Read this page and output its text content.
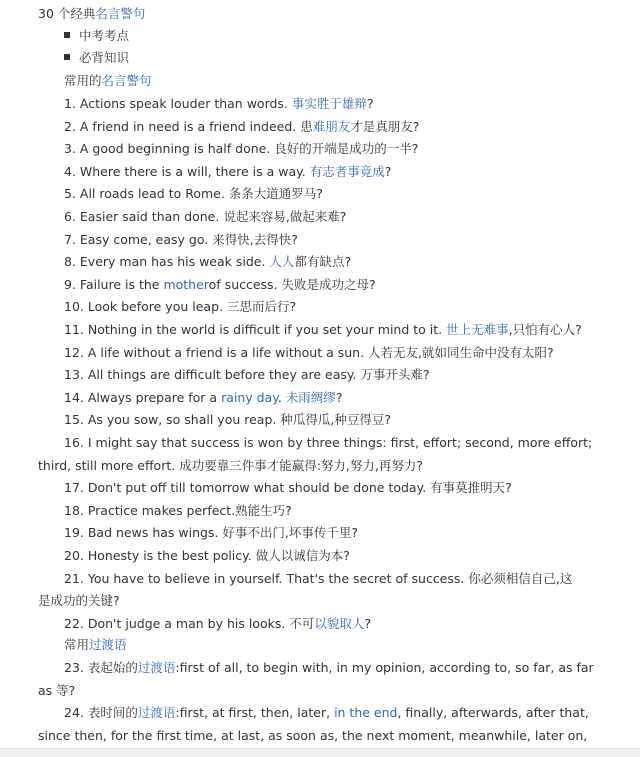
30 个经典名言警句
中考考点
必背知识
常用的名言警句
1. Actions speak louder than words. 事实胜于雄辩?
2. A friend in need is a friend indeed. 患难朋友才是真朋友?
3. A good beginning is half done. 良好的开端是成功的一半?
4. Where there is a will, there is a way. 有志者事竟成?
5. All roads lead to Rome. 条条大道通罗马?
6. Easier said than done. 说起来容易,做起来难?
7. Easy come, easy go. 来得快,去得快?
8. Every man has his weak side. 人人都有缺点?
9. Failure is the motherof success. 失败是成功之母?
10. Look before you leap. 三思而后行?
11. Nothing in the world is difficult if you set your mind to it. 世上无难事,只怕有心人?
12. A life without a friend is a life without a sun. 人若无友,就如同生命中没有太阳?
13. All things are difficult before they are easy. 万事开头难?
14. Always prepare for a rainy day. 未雨绸缪?
15. As you sow, so shall you reap. 种瓜得瓜,种豆得豆?
16. I might say that success is won by three things: first, effort; second, more effort;
third, still more effort. 成功要靠三件事才能赢得:努力,努力,再努力?
17. Don't put off till tomorrow what should be done today. 有事莫推明天?
18. Practice makes perfect.熟能生巧?
19. Bad news has wings. 好事不出门,坏事传千里?
20. Honesty is the best policy. 做人以诚信为本?
21. You have to believe in yourself. That's the secret of success. 你必须相信自己,这
是成功的关键?
22. Don't judge a man by his looks. 不可以貌取人?
常用过渡语
23. 表起始的过渡语:first of all, to begin with, in my opinion, according to, so far, as far
as 等?
24. 表时间的过渡语:first, at first, then, later, in the end, finally, afterwards, after that,
since then, for the first time, at last, as soon as, the next moment, meanwhile, later on,
